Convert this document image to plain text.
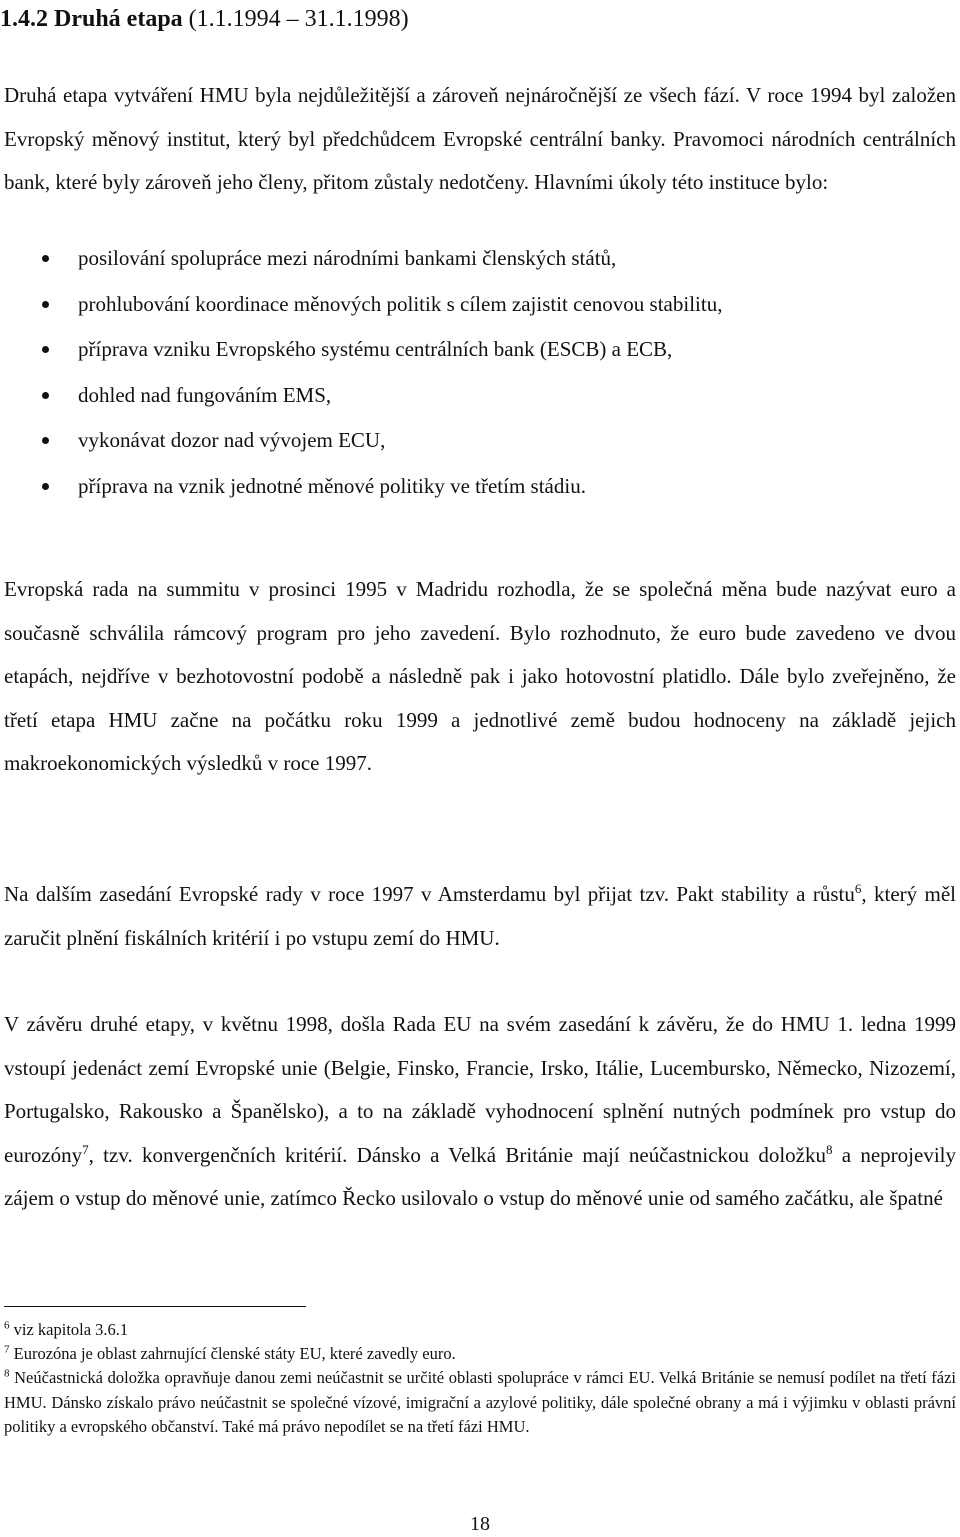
1.4.2 Druhá etapa (1.1.1994 – 31.1.1998)

Druhá etapa vytváření HMU byla nejdůležitější a zároveň nejnáročnější ze všech fází. V roce 1994 byl založen Evropský měnový institut, který byl předchůdcem Evropské centrální banky. Pravomoci národních centrálních bank, které byly zároveň jeho členy, přitom zůstaly nedotčeny. Hlavními úkoly této instituce bylo:

posilování spolupráce mezi národními bankami členských států,
prohlubování koordinace měnových politik s cílem zajistit cenovou stabilitu,
příprava vzniku Evropského systému centrálních bank (ESCB) a ECB,
dohled nad fungováním EMS,
vykonávat dozor nad vývojem ECU,
příprava na vznik jednotné měnové politiky ve třetím stádiu.

Evropská rada na summitu v prosinci 1995 v Madridu rozhodla, že se společná měna bude nazývat euro a současně schválila rámcový program pro jeho zavedení. Bylo rozhodnuto, že euro bude zavedeno ve dvou etapách, nejdříve v bezhotovostní podobě a následně pak i jako hotovostní platidlo. Dále bylo zveřejněno, že třetí etapa HMU začne na počátku roku 1999 a jednotlivé země budou hodnoceny na základě jejich makroekonomických výsledků v roce 1997.

Na dalším zasedání Evropské rady v roce 1997 v Amsterdamu byl přijat tzv. Pakt stability a růstu$^6$, který měl zaručit plnění fiskálních kritérií i po vstupu zemí do HMU.

V závěru druhé etapy, v květnu 1998, došla Rada EU na svém zasedání k závěru, že do HMU 1. ledna 1999 vstoupí jedenáct zemí Evropské unie (Belgie, Finsko, Francie, Irsko, Itálie, Lucembursko, Německo, Nizozemí, Portugalsko, Rakousko a Španělsko), a to na základě vyhodnocení splnění nutných podmínek pro vstup do eurozóny$^7$, tzv. konvergenčních kritérií. Dánsko a Velká Británie mají neúčastnickou doložku$^8$ a neprojevily zájem o vstup do měnové unie, zatímco Řecko usilovalo o vstup do měnové unie od samého začátku, ale špatné

$^6$ viz kapitola 3.6.1
$^7$ Eurozóna je oblast zahrnující členské státy EU, které zavedly euro.
$^8$ Neúčastnická doložka opravňuje danou zemi neúčastnit se určité oblasti spolupráce v rámci EU. Velká Británie se nemusí podílet na třetí fázi HMU. Dánsko získalo právo neúčastnit se společné vízové, imigrační a azylové politiky, dále společné obrany a má i výjimku v oblasti právní politiky a evropského občanství. Také má právo nepodílet se na třetí fázi HMU.
18
